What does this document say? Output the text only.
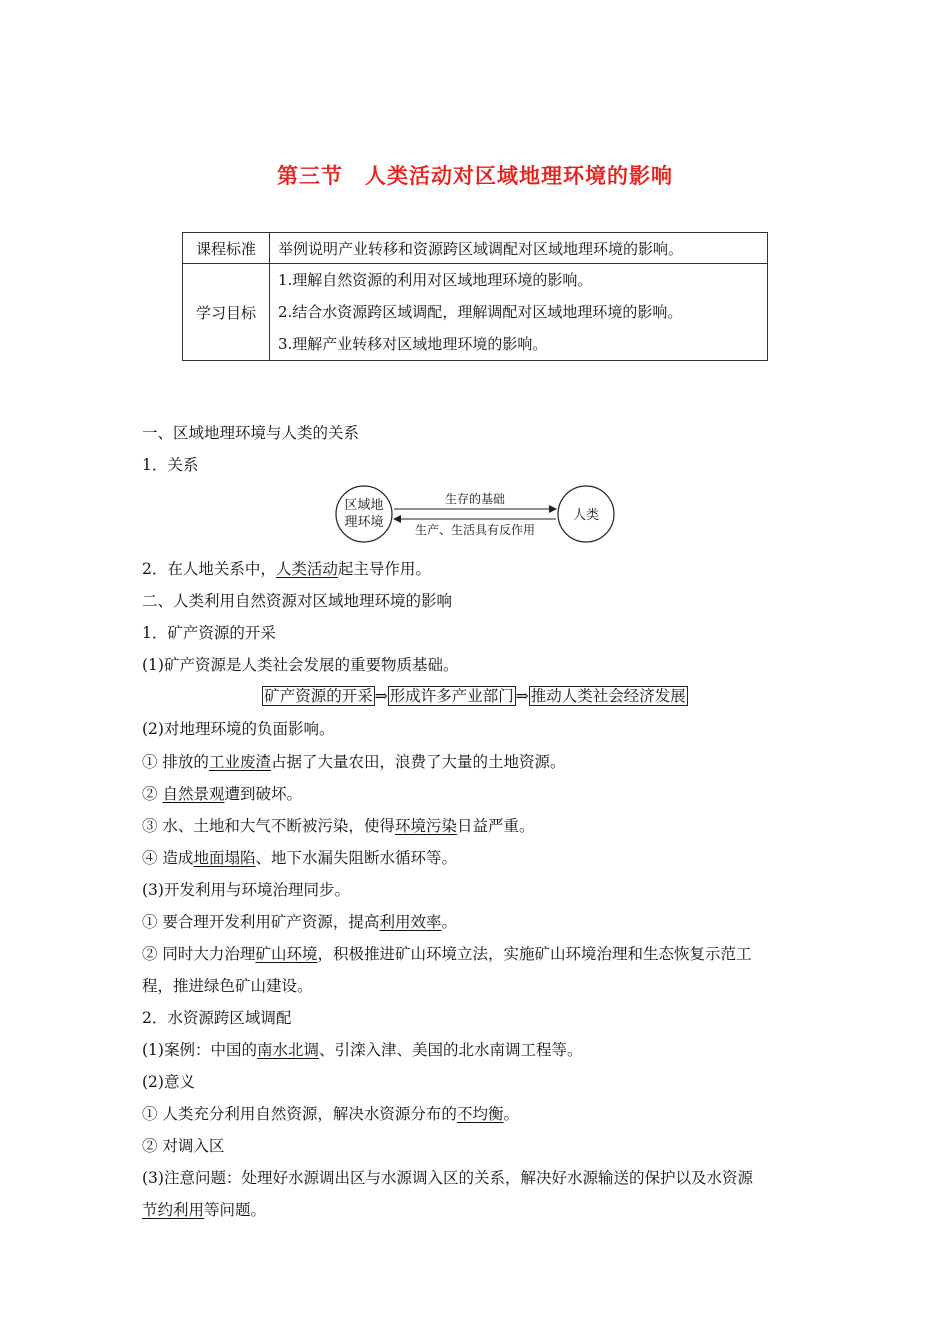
第三节　人类活动对区域地理环境的影响
课程标准	举例说明产业转移和资源跨区域调配对区域地理环境的影响。
学习目标	1.理解自然资源的利用对区域地理环境的影响。
2.结合水资源跨区域调配，理解调配对区域地理环境的影响。
3.理解产业转移对区域地理环境的影响。
一、区域地理环境与人类的关系
1．关系
区域地
理环境	人类
生存的基础
生产、生活具有反作用
2．在人地关系中，人类活动起主导作用。
二、人类利用自然资源对区域地理环境的影响
1．矿产资源的开采
(1)矿产资源是人类社会发展的重要物质基础。
矿产资源的开采 ⇒ 形成许多产业部门 ⇒ 推动人类社会经济发展
(2)对地理环境的负面影响。
① 排放的工业废渣占据了大量农田，浪费了大量的土地资源。
② 自然景观遭到破坏。
③ 水、土地和大气不断被污染，使得环境污染日益严重。
④ 造成地面塌陷、地下水漏失阻断水循环等。
(3)开发利用与环境治理同步。
① 要合理开发利用矿产资源，提高利用效率。
② 同时大力治理矿山环境，积极推进矿山环境立法，实施矿山环境治理和生态恢复示范工
程，推进绿色矿山建设。
2．水资源跨区域调配
(1)案例：中国的南水北调、引滦入津、美国的北水南调工程等。
(2)意义
① 人类充分利用自然资源，解决水资源分布的不均衡。
② 对调入区
(3)注意问题：处理好水源调出区与水源调入区的关系，解决好水源输送的保护以及水资源
节约利用等问题。
